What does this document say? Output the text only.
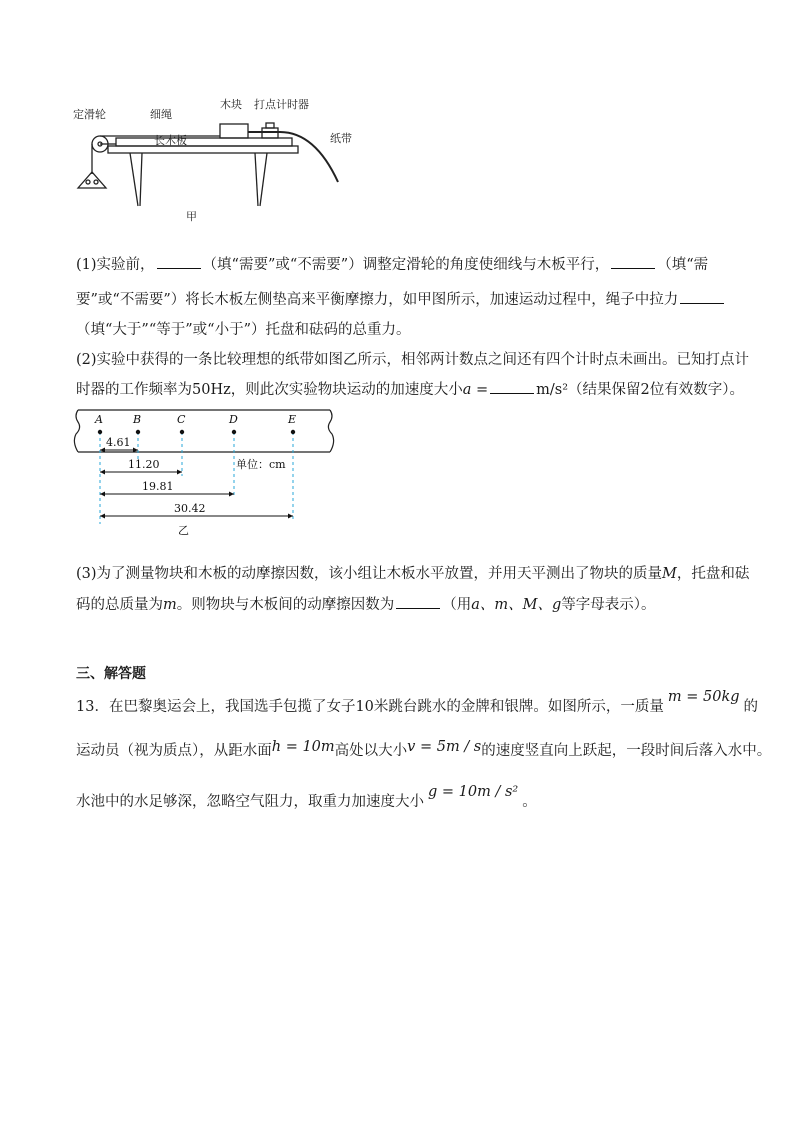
定滑轮	细绳
木块 打点计时器
长木板	纸带
甲
(1)实验前，	（填“需要”或“不需要”）调整定滑轮的角度使细线与木板平行，	（填“需
要”或“不需要”）将长木板左侧垫高来平衡摩擦力，如甲图所示，加速运动过程中，绳子中拉力
（填“大于”“等于”或“小于”）托盘和砝码的总重力。
(2)实验中获得的一条比较理想的纸带如图乙所示，相邻两计数点之间还有四个计时点未画出。已知打点计
时器的工作频率为50Hz，则此次实验物块运动的加速度大小a =	m/s²（结果保留2位有效数字）。
A	B	C	D	E
4.61
11.20
19.81
30.42
单位：cm
乙
(3)为了测量物块和木板的动摩擦因数，该小组让木板水平放置，并用天平测出了物块的质量M，托盘和砝
码的总质量为m。则物块与木板间的动摩擦因数为	（用a、m、M、g等字母表示）。
三、解答题
13．在巴黎奥运会上，我国选手包揽了女子10米跳台跳水的金牌和银牌。如图所示，一质量m = 50kg的
运动员（视为质点），从距水面h = 10m高处以大小v = 5m / s的速度竖直向上跃起，一段时间后落入水中。
水池中的水足够深，忽略空气阻力，取重力加速度大小g = 10m / s²。
